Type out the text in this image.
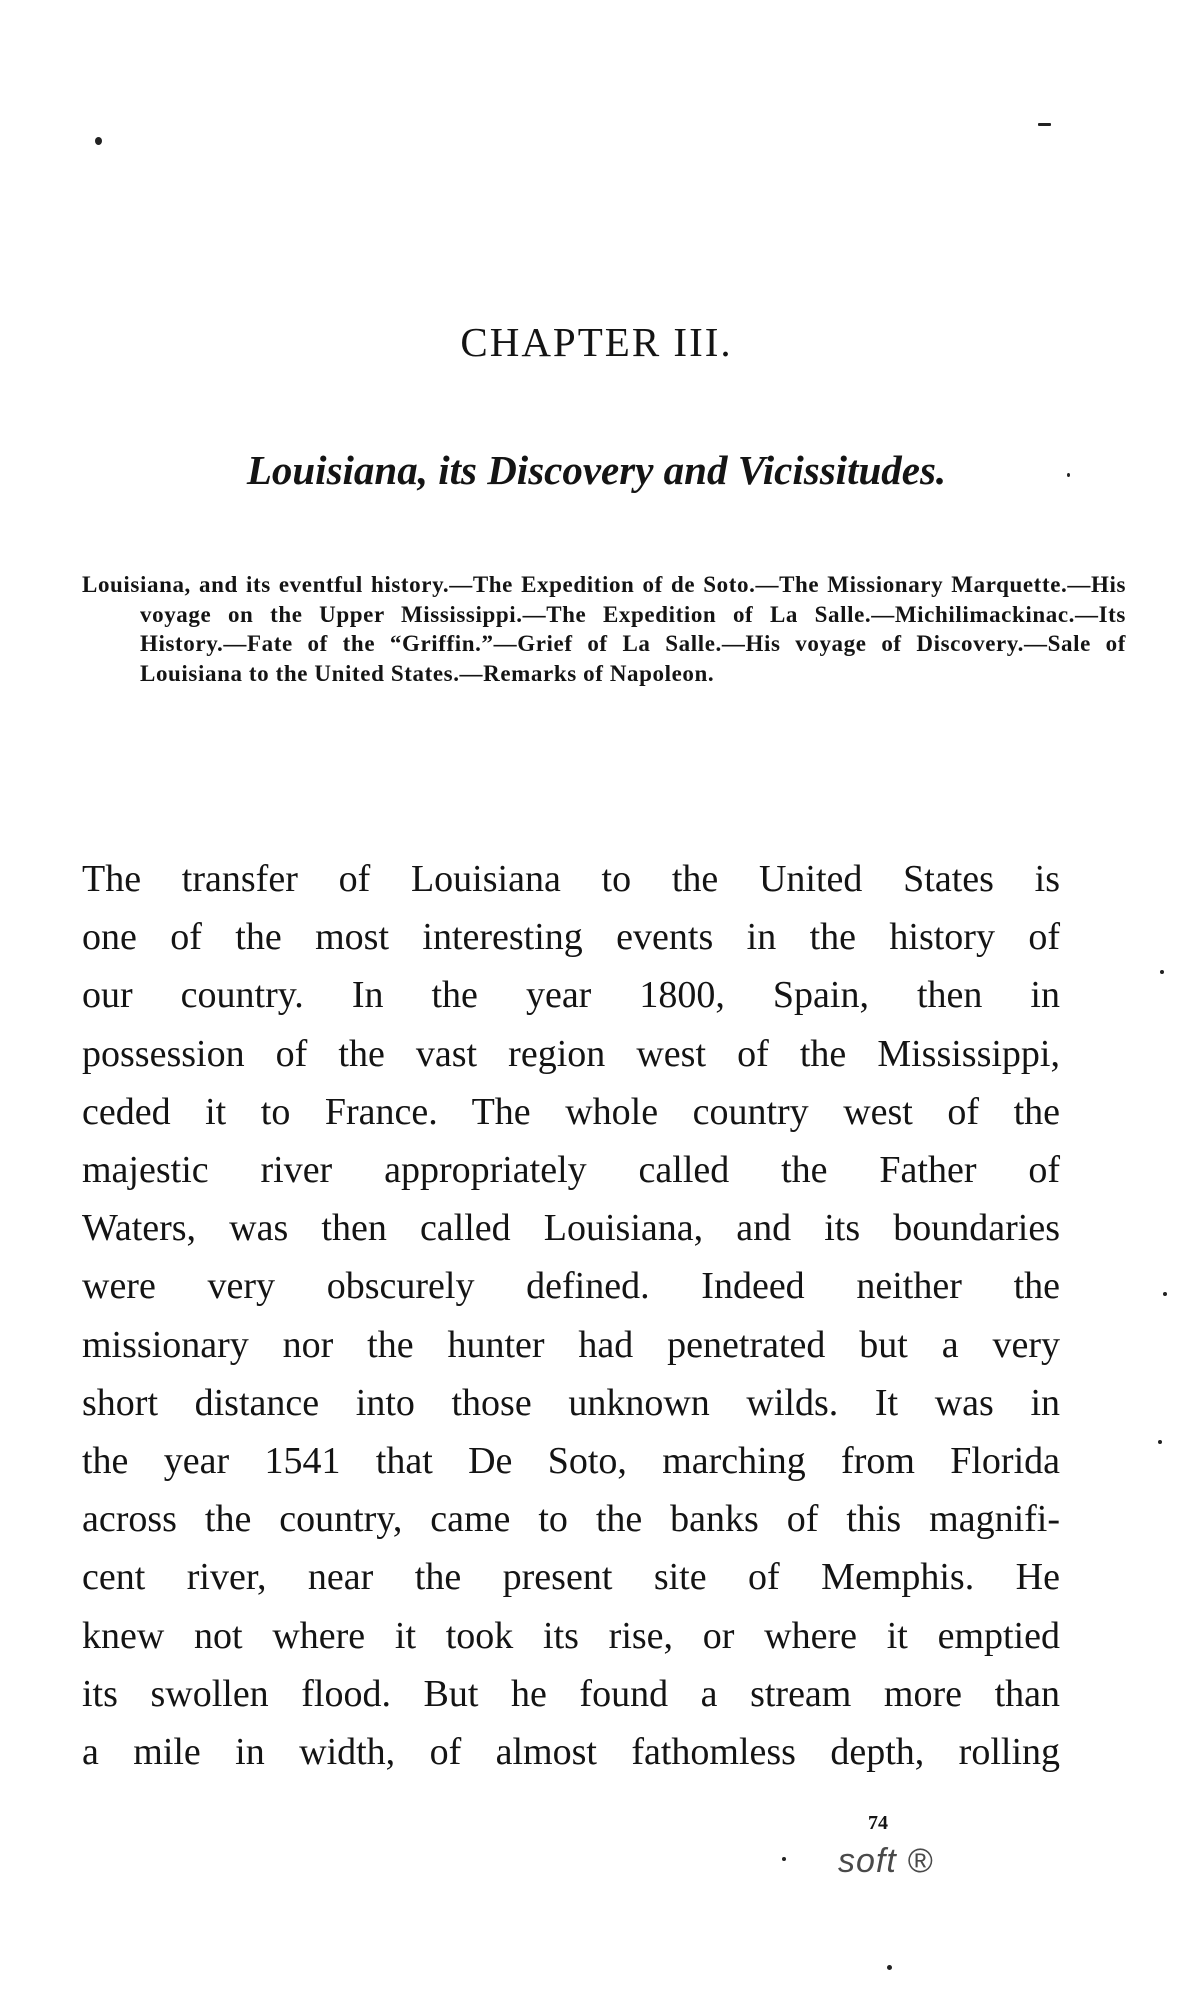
CHAPTER III.
Louisiana, its Discovery and Vicissitudes.

Louisiana, and its eventful history.—The Expedition of de Soto.—The Missionary Marquette.—His voyage on the Upper Mississippi.—The Expedition of La Salle.—Michilimackinac.—Its History.—Fate of the “Griffin.”—Grief of La Salle.—His voyage of Discovery.—Sale of Louisiana to the United States.—Remarks of Napoleon.

The transfer of Louisiana to the United States is
one of the most interesting events in the history of
our country. In the year 1800, Spain, then in
possession of the vast region west of the Mississippi,
ceded it to France. The whole country west of the
majestic river appropriately called the Father of
Waters, was then called Louisiana, and its boundaries
were very obscurely defined. Indeed neither the
missionary nor the hunter had penetrated but a very
short distance into those unknown wilds. It was in
the year 1541 that De Soto, marching from Florida
across the country, came to the banks of this magnifi-
cent river, near the present site of Memphis. He
knew not where it took its rise, or where it emptied
its swollen flood. But he found a stream more than
a mile in width, of almost fathomless depth, rolling

74

soft ®
